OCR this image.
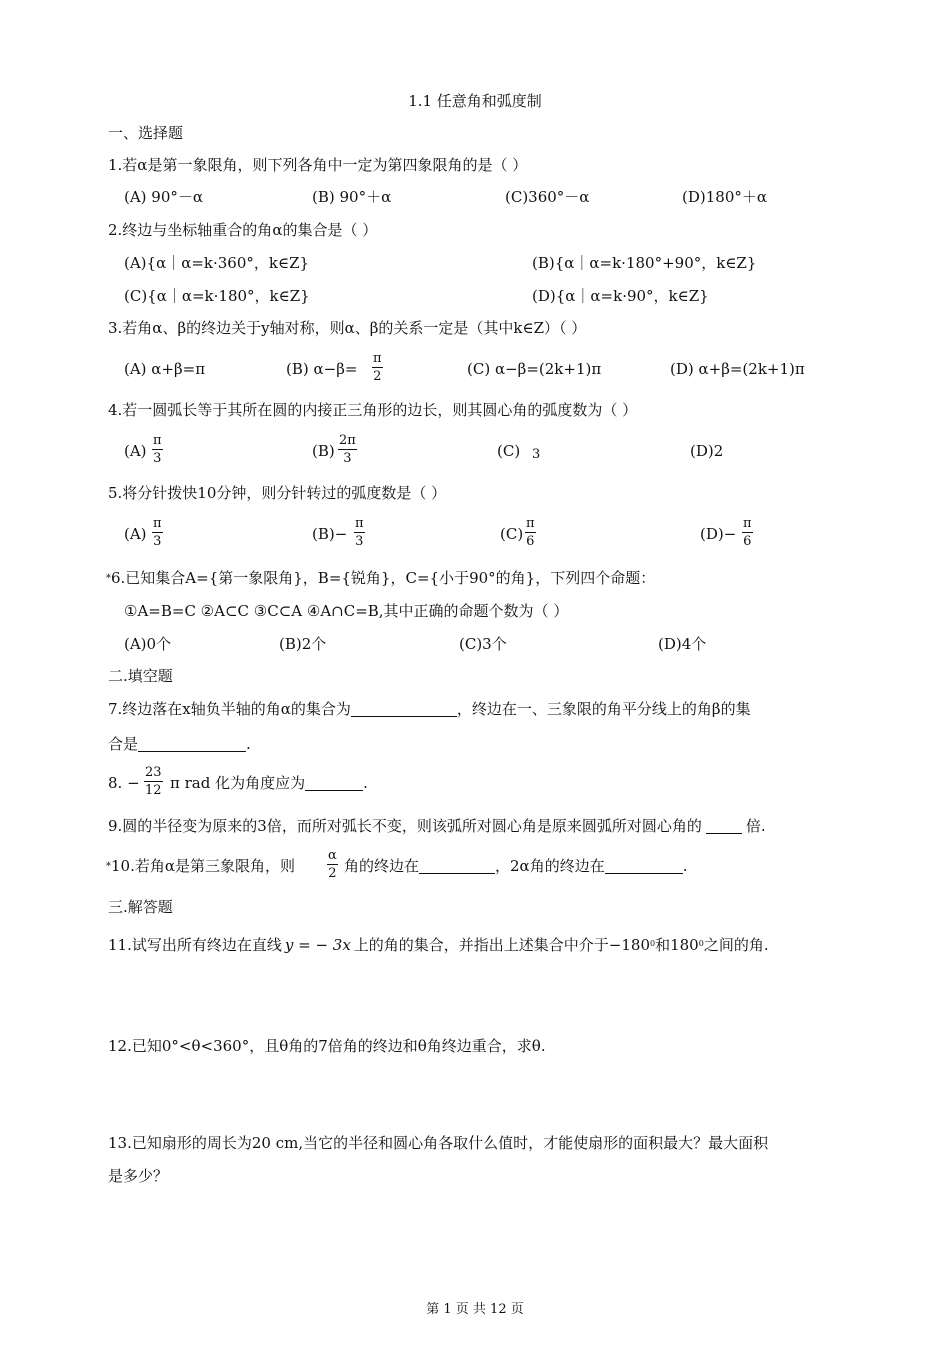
1.1 任意角和弧度制
一、选择题
1.若α是第一象限角，则下列各角中一定为第四象限角的是（ ）
(A) 90°－α	(B) 90°＋α	(C)360°－α	(D)180°＋α
2.终边与坐标轴重合的角α的集合是（ ）
(A){α｜α=k·360°，k∈Z}	(B){α｜α=k·180°+90°，k∈Z}
(C){α｜α=k·180°，k∈Z}	(D){α｜α=k·90°，k∈Z}
3.若角α、β的终边关于y轴对称，则α、β的关系一定是（其中k∈Z）（ ）
(A) α+β=π	(B) $\alpha-\beta= \frac{\pi}{2}$	(C) α−β=(2k+1)π	(D) α+β=(2k+1)π
4.若一圆弧长等于其所在圆的内接正三角形的边长，则其圆心角的弧度数为（ ）
$(A) \frac{\pi}{3}$	$(B) \frac{2\pi}{3}$	(C) 3	(D)2
5.将分针拨快10分钟，则分针转过的弧度数是（ ）
$(A) \frac{\pi}{3}$	$(B)- \frac{\pi}{3}$	$(C) \frac{\pi}{6}$	$(D)- \frac{\pi}{6}$
*6.已知集合A={第一象限角}，B={锐角}，C={小于90°的角}，下列四个命题：
①A=B=C ②A⊂C ③C⊂A ④A∩C=B,其中正确的命题个数为（ ）
(A)0个	(B)2个	(C)3个	(D)4个
二.填空题
7.终边落在x轴负半轴的角α的集合为	，终边在一、三象限的角平分线上的角β的集
合是	.
8. − $\frac{23}{12}$ π rad 化为角度应为	.
9.圆的半径变为原来的3倍，而所对弧长不变，则该弧所对圆心角是原来圆弧所对圆心角的	倍.
*10.若角α是第三象限角，则 $\frac{\alpha}{2}$ 角的终边在	，2α角的终边在	.
三.解答题
11.试写出所有终边在直线 y = − 3x 上的角的集合，并指出上述集合中介于$-180^0$和$180^0$之间的角.
12.已知0°<θ<360°，且θ角的7倍角的终边和θ角终边重合，求θ.
13.已知扇形的周长为20 cm,当它的半径和圆心角各取什么值时，才能使扇形的面积最大？最大面积
是多少？
第 1 页 共 12 页
